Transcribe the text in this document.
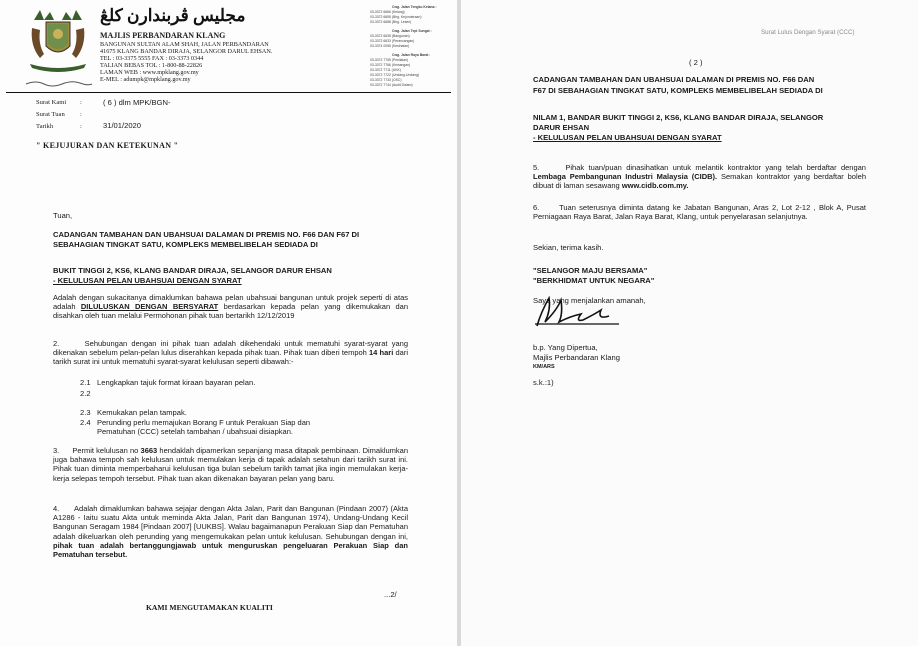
مجليس ڤربندارن كلڠ
MAJLIS PERBANDARAN KLANG
BANGUNAN SULTAN ALAM SHAH, JALAN PERBANDARAN
41675 KLANG BANDAR DIRAJA, SELANGOR DARUL EHSAN.
TEL : 03-3375 5555 FAX : 03-3373 0344
TALIAN BEBAS TOL : 1-800-88-22826
LAMAN WEB : www.mpklang.gov.my
E-MEL : adumpk@mpklang.gov.my
Cwg. Jalan Tengku Kelana :
03-3372 6666 (Kelang)
03-3372 6655 (Bhg. Kejuruteraan)
03-3372 6688 (Bhg. Lesen)
Cwg. Jalan Tepi Sungai :
03-3372 6635 (Bangunan)
03-3372 6633 (Perancangan)
03-3374 0055 (Kesihatan)
Cwg. Jalan Raya Barat :
03-3372 7755 (Penilaian)
03-3372 7766 (Kewangan)
03-3372 7711 (UKK)
03-3372 7722 (Undang-Undang)
03-3372 7733 (OSC)
03-3372 7744 (Audit Dalam)
Surat Kami :	( 6 ) dlm MPK/BGN-
Surat Tuan :
Tarikh	:	31/01/2020
" KEJUJURAN DAN KETEKUNAN "
Tuan,
CADANGAN TAMBAHAN DAN UBAHSUAI DALAMAN DI PREMIS NO. F66 DAN F67 DI
SEBAHAGIAN TINGKAT SATU, KOMPLEKS MEMBELIBELAH SEDIADA DI
BUKIT TINGGI 2, KS6, KLANG BANDAR DIRAJA, SELANGOR DARUR EHSAN
- KELULUSAN PELAN UBAHSUAI DENGAN SYARAT
Adalah dengan sukacitanya dimaklumkan bahawa pelan ubahsuai bangunan untuk projek seperti di atas adalah DILULUSKAN DENGAN BERSYARAT berdasarkan kepada pelan yang dikemukakan dan disahkan oleh tuan melalui Permohonan pihak tuan bertarikh 12/12/2019
2.	Sehubungan dengan ini pihak tuan adalah dikehendaki untuk mematuhi syarat-syarat yang dikenakan sebelum pelan-pelan lulus diserahkan kepada pihak tuan. Pihak tuan diberi tempoh 14 hari dari tarikh surat ini untuk mematuhi syarat-syarat kelulusan seperti dibawah:-
2.1 Lengkapkan tajuk format kiraan bayaran pelan.
2.2
2.3 Kemukakan pelan tampak.
2.4 Perunding perlu memajukan Borang F untuk Perakuan Siap dan Pematuhan (CCC) setelah tambahan / ubahsuai disiapkan.
3. Permit kelulusan no 3663 hendaklah dipamerkan sepanjang masa ditapak pembinaan. Dimaklumkan juga bahawa tempoh sah kelulusan untuk memulakan kerja di tapak adalah setahun dari tarikh surat ini. Pihak tuan diminta memperbaharui kelulusan tiga bulan sebelum tarikh tamat jika ingin memulakan kerja-kerja selepas tempoh tersebut. Pihak tuan akan dikenakan bayaran pelan yang baru.
4. Adalah dimaklumkan bahawa sejajar dengan Akta Jalan, Parit dan Bangunan (Pindaan 2007) (Akta A1286 - Iaitu suatu Akta untuk meminda Akta Jalan, Parit dan Bangunan 1974), Undang-Undang Kecil Bangunan Seragam 1984 [Pindaan 2007] [UUKBS]. Walau bagaimanapun Perakuan Siap dan Pematuhan adalah dikeluarkan oleh perunding yang mengemukakan pelan untuk kelulusan. Sehubungan dengan ini, pihak tuan adalah bertanggungjawab untuk menguruskan pengeluaran Perakuan Siap dan Pematuhan tersebut.
...2/
KAMI MENGUTAMAKAN KUALITI
Surat Lulus Dengan Syarat (CCC)
( 2 )
CADANGAN TAMBAHAN DAN UBAHSUAI DALAMAN DI PREMIS NO. F66 DAN
F67 DI SEBAHAGIAN TINGKAT SATU, KOMPLEKS MEMBELIBELAH SEDIADA DI
NILAM 1, BANDAR BUKIT TINGGI 2, KS6, KLANG BANDAR DIRAJA, SELANGOR
DARUR EHSAN
- KELULUSAN PELAN UBAHSUAI DENGAN SYARAT
5.	Pihak tuan/puan dinasihatkan untuk melantik kontraktor yang telah berdaftar dengan Lembaga Pembangunan Industri Malaysia (CIDB). Semakan kontraktor yang berdaftar boleh dibuat di laman sesawang www.cidb.com.my.
6.	Tuan seterusnya diminta datang ke Jabatan Bangunan, Aras 2, Lot 2-12 , Blok A, Pusat Perniagaan Raya Barat, Jalan Raya Barat, Klang, untuk penyelarasan selanjutnya.
Sekian, terima kasih.
"SELANGOR MAJU BERSAMA"
"BERKHIDMAT UNTUK NEGARA"
Saya yang menjalankan amanah,
b.p. Yang Dipertua,
Majlis Perbandaran Klang
KM/ARS
s.k.:1)
